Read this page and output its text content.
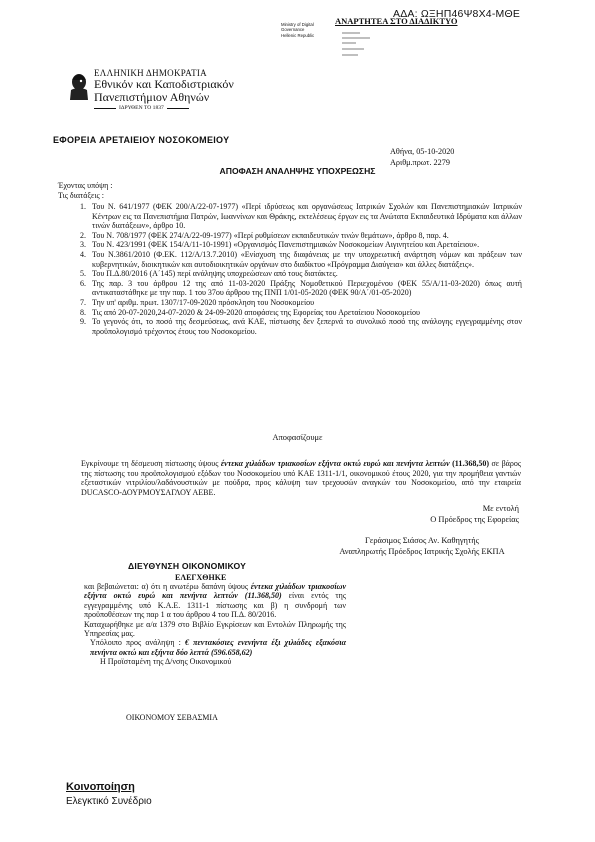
ΑΔΑ: ΩΞΗΠ46Ψ8Χ4-ΜΘΕ
ΑΝΑΡΤΗΤΕΑ ΣΤΟ ΔΙΑΔΙΚΤΥΟ
Ministry of Digital
Governance
Hellenic Republic
ΕΛΛΗΝΙΚΗ ΔΗΜΟΚΡΑΤΙΑ
Εθνικόν και Καποδιστριακόν
Πανεπιστήμιον Αθηνών
ΙΔΡΥΘΕΝ ΤΟ 1837
ΕΦΟΡΕΙΑ ΑΡΕΤΑΙΕΙΟΥ ΝΟΣΟΚΟΜΕΙΟΥ
Αθήνα, 05-10-2020
Αριθμ.πρωτ. 2279
ΑΠΟΦΑΣΗ ΑΝΑΛΗΨΗΣ ΥΠΟΧΡΕΩΣΗΣ
Έχοντας υπόψη :
Τις διατάξεις :
1. Του Ν. 641/1977 (ΦΕΚ 200/Α/22-07-1977) «Περί ιδρύσεως και οργανώσεως Ιατρικών Σχολών και Πανεπιστημιακών Ιατρικών Κέντρων εις τα Πανεπιστήμια Πατρών, Ιωαννίνων και Θράκης, εκτελέσεως έργων εις τα Ανώτατα Εκπαιδευτικά Ιδρύματα και άλλων τινών διατάξεων», άρθρο 10.
2. Του Ν. 708/1977 (ΦΕΚ 274/Α/22-09-1977) «Περί ρυθμίσεων εκπαιδευτικών τινών θεμάτων», άρθρο 8, παρ. 4.
3. Του Ν. 423/1991 (ΦΕΚ 154/Α/11-10-1991) «Οργανισμός Πανεπιστημιακών Νοσοκομείων Αιγινητείου και Αρεταίειου».
4. Του Ν.3861/2010 (Φ.ΕΚ. 112/Α/13.7.2010) «Ενίσχυση της διαφάνειας με την υποχρεωτική ανάρτηση νόμων και πράξεων των κυβερνητικών, διοικητικών και αυτοδιοικητικών οργάνων στο διαδίκτυο «Πρόγραμμα Διαύγεια» και άλλες διατάξεις».
5. Του Π.Δ.80/2016 (Α΄145) περί ανάληψης υποχρεώσεων από τους διατάκτες.
6. Της παρ. 3 του άρθρου 12 της από 11-03-2020 Πράξης Νομοθετικού Περιεχομένου (ΦΕΚ 55/Α/11-03-2020) όπως αυτή αντικαταστάθηκε με την παρ. 1 του 37ου άρθρου της ΠΝΠ 1/01-05-2020 (ΦΕΚ 90/Α΄/01-05-2020)
7. Την υπ' αριθμ. πρωτ. 1307/17-09-2020 πρόσκληση του Νοσοκομείου
8. Τις από 20-07-2020,24-07-2020 & 24-09-2020 αποφάσεις της Εφορείας του Αρεταίειου Νοσοκομείου
9. Το γεγονός ότι, το ποσό της δεσμεύσεως, ανά ΚΑΕ, πίστωσης δεν ξεπερνά το συνολικό ποσό της ανάλογης εγγεγραμμένης στον προϋπολογισμό τρέχοντος έτους του Νοσοκομείου.
Αποφασίζουμε
Εγκρίνουμε τη δέσμευση πίστωσης ύψους έντεκα χιλιάδων τριακοσίων εξήντα οκτώ ευρώ και πενήντα λεπτών (11.368,50) σε βάρος της πίστωσης του προϋπολογισμού εξόδων του Νοσοκομείου υπό ΚΑΕ 1311-1/1, οικονομικού έτους 2020, για την προμήθεια γαντιών εξεταστικών νιτριλίου/λαδάνουστικών με πούδρα, προς κάλυψη των τρεχουσών αναγκών του Νοσοκομείου, από την εταιρεία DUCASCO-ΔΟΥΡΜΟΥΣΑΓΛΟΥ ΑΕΒΕ.
Με εντολή
Ο Πρόεδρος της Εφορείας
Γεράσιμος Σιάσος Αν. Καθηγητής
Αναπληρωτής Πρόεδρος Ιατρικής Σχολής ΕΚΠΑ
ΔΙΕΥΘΥΝΣΗ ΟΙΚΟΝΟΜΙΚΟΥ
ΕΛΕΓΧΘΗΚΕ

και βεβαιώνεται: α) ότι η ανωτέρω δαπάνη ύψους έντεκα χιλιάδων τριακοσίων εξήντα οκτώ ευρώ και πενήντα λεπτών (11.368,50) είναι εντός της εγγεγραμμένης υπό Κ.Α.Ε. 1311-1 πίστωσης και β) η συνδρομή των προϋποθέσεων της παρ 1 α του άρθρου 4 του Π.Δ. 80/2016.

Καταχωρήθηκε με α/α 1379 στο Βιβλίο Εγκρίσεων και Εντολών Πληρωμής της Υπηρεσίας μας.

Υπόλοιπο προς ανάληψη : € πεντακόσιες ενενήντα έξι χιλιάδες εξακόσια πενήντα οκτώ και εξήντα δύο λεπτά (596.658,62)

Η Προϊσταμένη της Δ/νσης Οικονομικού

ΟΙΚΟΝΟΜΟΥ ΣΕΒΑΣΜΙΑ
Κοινοποίηση
Ελεγκτικό Συνέδριο
